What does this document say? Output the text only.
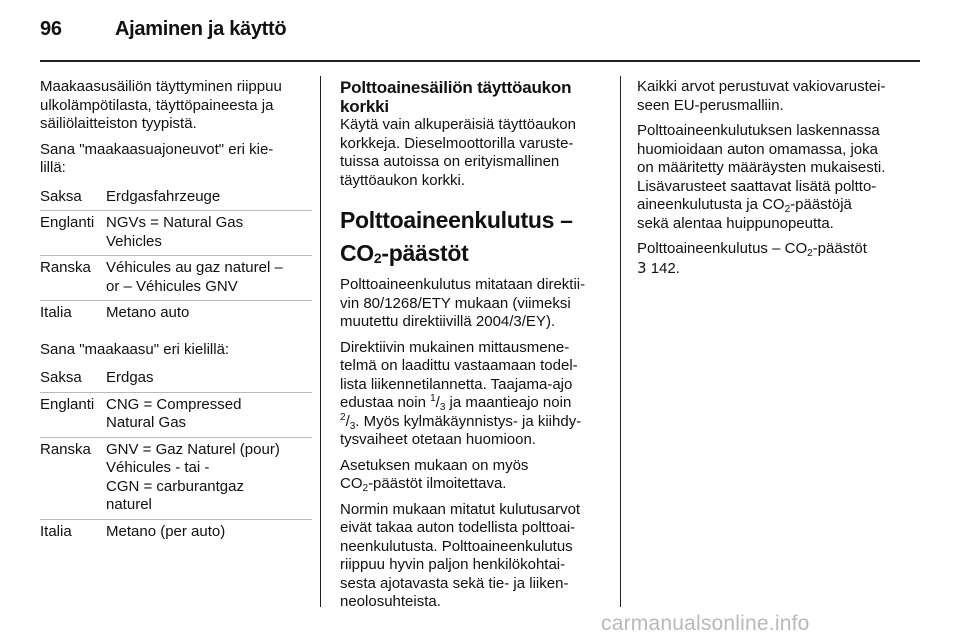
96	Ajaminen ja käyttö
Maakaasusäiliön täyttyminen riippuu
ulkolämpötilasta, täyttöpaineesta ja
säiliölaitteiston tyypistä.
Sana "maakaasuajoneuvot" eri kie-
lillä:
Saksa	Erdgasfahrzeuge
Englanti NGVs = Natural Gas
Vehicles
Ranska	Véhicules au gaz naturel –
or – Véhicules GNV
Italia	Metano auto
Sana "maakaasu" eri kielillä:
Saksa	Erdgas
Englanti CNG = Compressed
Natural Gas
Ranska	GNV = Gaz Naturel (pour)
Véhicules - tai -
CGN = carburantgaz
naturel
Italia	Metano (per auto)
Polttoainesäiliön täyttöaukon
korkki
Käytä vain alkuperäisiä täyttöaukon
korkkeja. Dieselmoottorilla varuste-
tuissa autoissa on erityismallinen
täyttöaukon korkki.
Polttoaineenkulutus –
$CO_2$-päästöt
Polttoaineenkulutus mitataan direktii-
vin 80/1268/ETY mukaan (viimeksi
muutettu direktiivillä 2004/3/EY).
Direktiivin mukainen mittausmene-
telmä on laadittu vastaamaan todel-
lista liikennetilannetta. Taajama-ajo
edustaa noin $^1/_3$ ja maantieajo noin
$^2/_3$. Myös kylmäkäynnistys- ja kiihdy-
tysvaiheet otetaan huomioon.
Asetuksen mukaan on myös
$CO_2$-päästöt ilmoitettava.
Normin mukaan mitatut kulutusarvot
eivät takaa auton todellista polttoai-
neenkulutusta. Polttoaineenkulutus
riippuu hyvin paljon henkilökohtai-
sesta ajotavasta sekä tie- ja liiken-
neolosuhteista.
Kaikki arvot perustuvat vakiovarustei-
seen EU-perusmalliin.
Polttoaineenkulutuksen laskennassa
huomioidaan auton omamassa, joka
on määritetty määräysten mukaisesti.
Lisävarusteet saattavat lisätä poltto-
aineenkulutusta ja $CO_2$-päästöjä
sekä alentaa huippunopeutta.
Polttoaineenkulutus – $CO_2$-päästöt
3 142.
carmanualsonline.info
